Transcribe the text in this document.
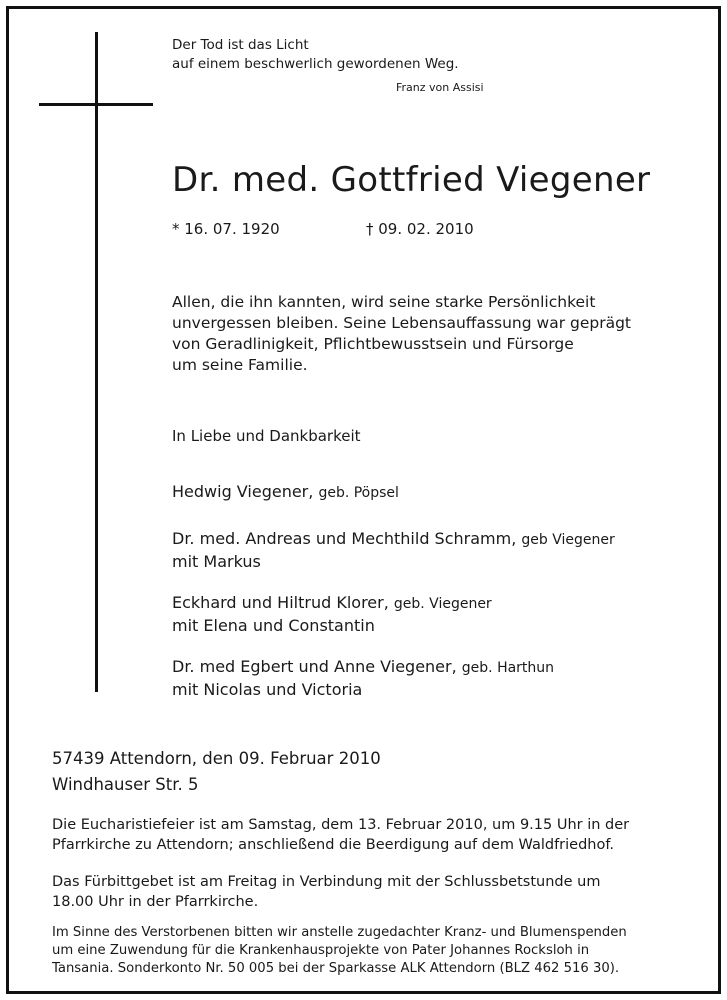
Der Tod ist das Licht
auf einem beschwerlich gewordenen Weg.
Franz von Assisi
Dr. med. Gottfried Viegener
* 16. 07. 1920	† 09. 02. 2010
Allen, die ihn kannten, wird seine starke Persönlichkeit
unvergessen bleiben. Seine Lebensauffassung war geprägt
von Geradlinigkeit, Pflichtbewusstsein und Fürsorge
um seine Familie.
In Liebe und Dankbarkeit
Hedwig Viegener, geb. Pöpsel
Dr. med. Andreas und Mechthild Schramm, geb Viegener
mit Markus
Eckhard und Hiltrud Klorer, geb. Viegener
mit Elena und Constantin
Dr. med Egbert und Anne Viegener, geb. Harthun
mit Nicolas und Victoria
57439 Attendorn, den 09. Februar 2010
Windhauser Str. 5
Die Eucharistiefeier ist am Samstag, dem 13. Februar 2010, um 9.15 Uhr in der
Pfarrkirche zu Attendorn; anschließend die Beerdigung auf dem Waldfriedhof.
Das Fürbittgebet ist am Freitag in Verbindung mit der Schlussbetstunde um
18.00 Uhr in der Pfarrkirche.
Im Sinne des Verstorbenen bitten wir anstelle zugedachter Kranz- und Blumenspenden
um eine Zuwendung für die Krankenhausprojekte von Pater Johannes Rocksloh in
Tansania. Sonderkonto Nr. 50 005 bei der Sparkasse ALK Attendorn (BLZ 462 516 30).
